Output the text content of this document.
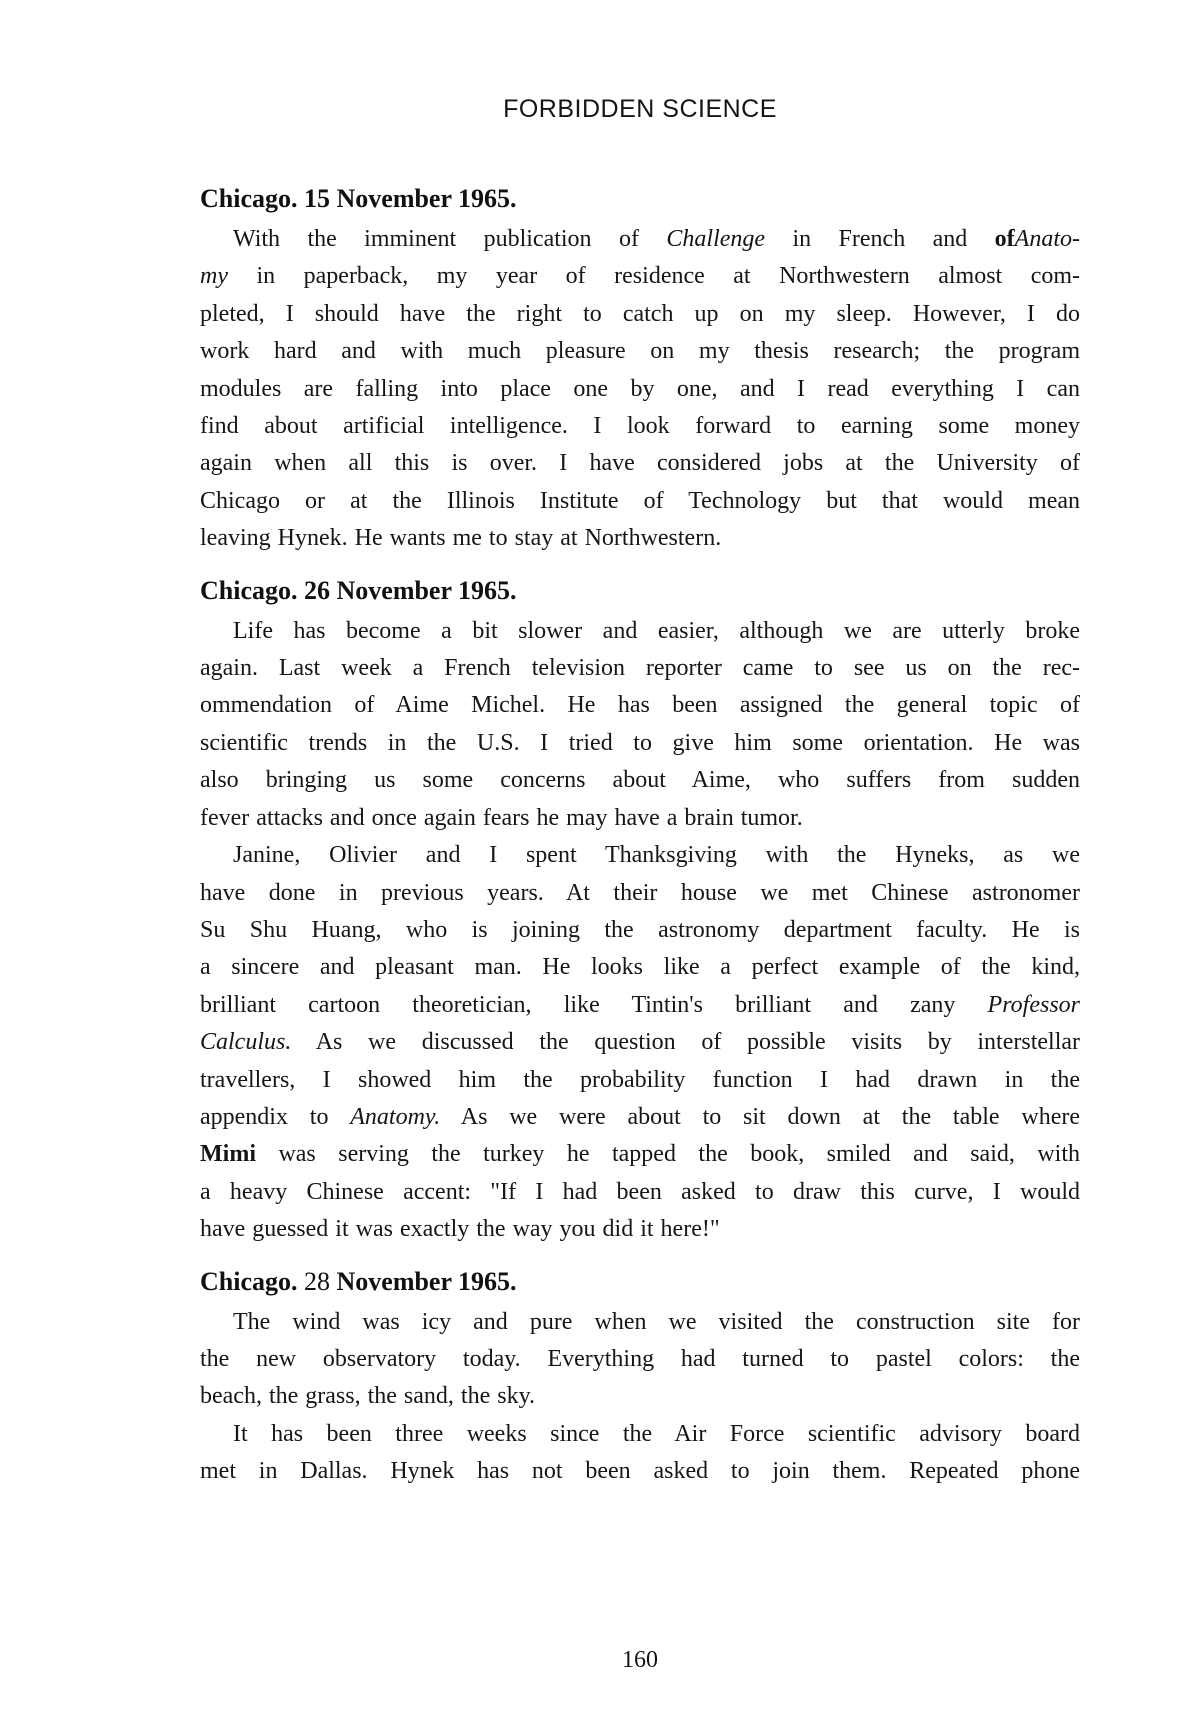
FORBIDDEN SCIENCE
Chicago. 15 November 1965.
With the imminent publication of Challenge in French and ofAnato-
my in paperback, my year of residence at Northwestern almost com-
pleted, I should have the right to catch up on my sleep. However, I do
work hard and with much pleasure on my thesis research; the program
modules are falling into place one by one, and I read everything I can
find about artificial intelligence. I look forward to earning some money
again when all this is over. I have considered jobs at the University of
Chicago or at the Illinois Institute of Technology but that would mean
leaving Hynek. He wants me to stay at Northwestern.
Chicago. 26 November 1965.
Life has become a bit slower and easier, although we are utterly broke
again. Last week a French television reporter came to see us on the rec-
ommendation of Aime Michel. He has been assigned the general topic of
scientific trends in the U.S. I tried to give him some orientation. He was
also bringing us some concerns about Aime, who suffers from sudden
fever attacks and once again fears he may have a brain tumor.
Janine, Olivier and I spent Thanksgiving with the Hyneks, as we
have done in previous years. At their house we met Chinese astronomer
Su Shu Huang, who is joining the astronomy department faculty. He is
a sincere and pleasant man. He looks like a perfect example of the kind,
brilliant cartoon theoretician, like Tintin's brilliant and zany Professor
Calculus. As we discussed the question of possible visits by interstellar
travellers, I showed him the probability function I had drawn in the
appendix to Anatomy. As we were about to sit down at the table where
Mimi was serving the turkey he tapped the book, smiled and said, with
a heavy Chinese accent: "If I had been asked to draw this curve, I would
have guessed it was exactly the way you did it here!"
Chicago. 28 November 1965.
The wind was icy and pure when we visited the construction site for
the new observatory today. Everything had turned to pastel colors: the
beach, the grass, the sand, the sky.
It has been three weeks since the Air Force scientific advisory board
met in Dallas. Hynek has not been asked to join them. Repeated phone
160
